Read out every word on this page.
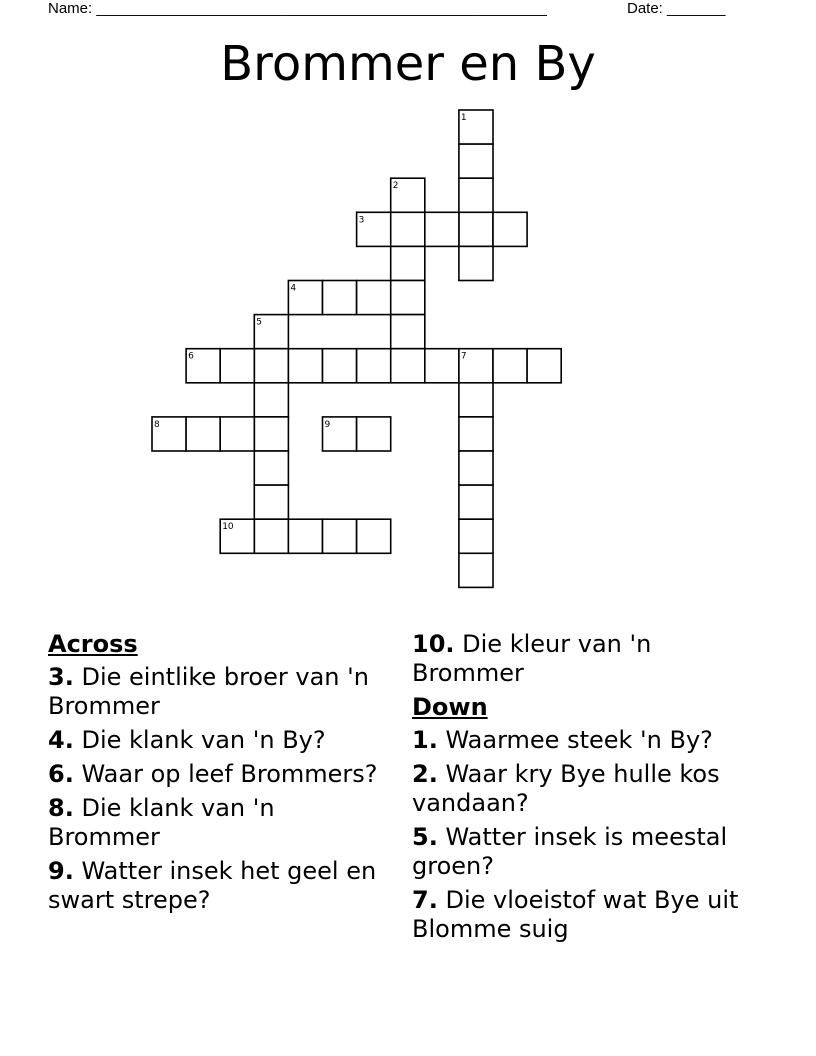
Name: ______________________________________________________	Date: _______
Brommer en By
1
2
3
4
5
6	7
8	9
10
Across
3. Die eintlike broer van 'n Brommer
4. Die klank van 'n By?
6. Waar op leef Brommers?
8. Die klank van 'n Brommer
9. Watter insek het geel en swart strepe?
10. Die kleur van 'n Brommer
Down
1. Waarmee steek 'n By?
2. Waar kry Bye hulle kos vandaan?
5. Watter insek is meestal groen?
7. Die vloeistof wat Bye uit Blomme suig
